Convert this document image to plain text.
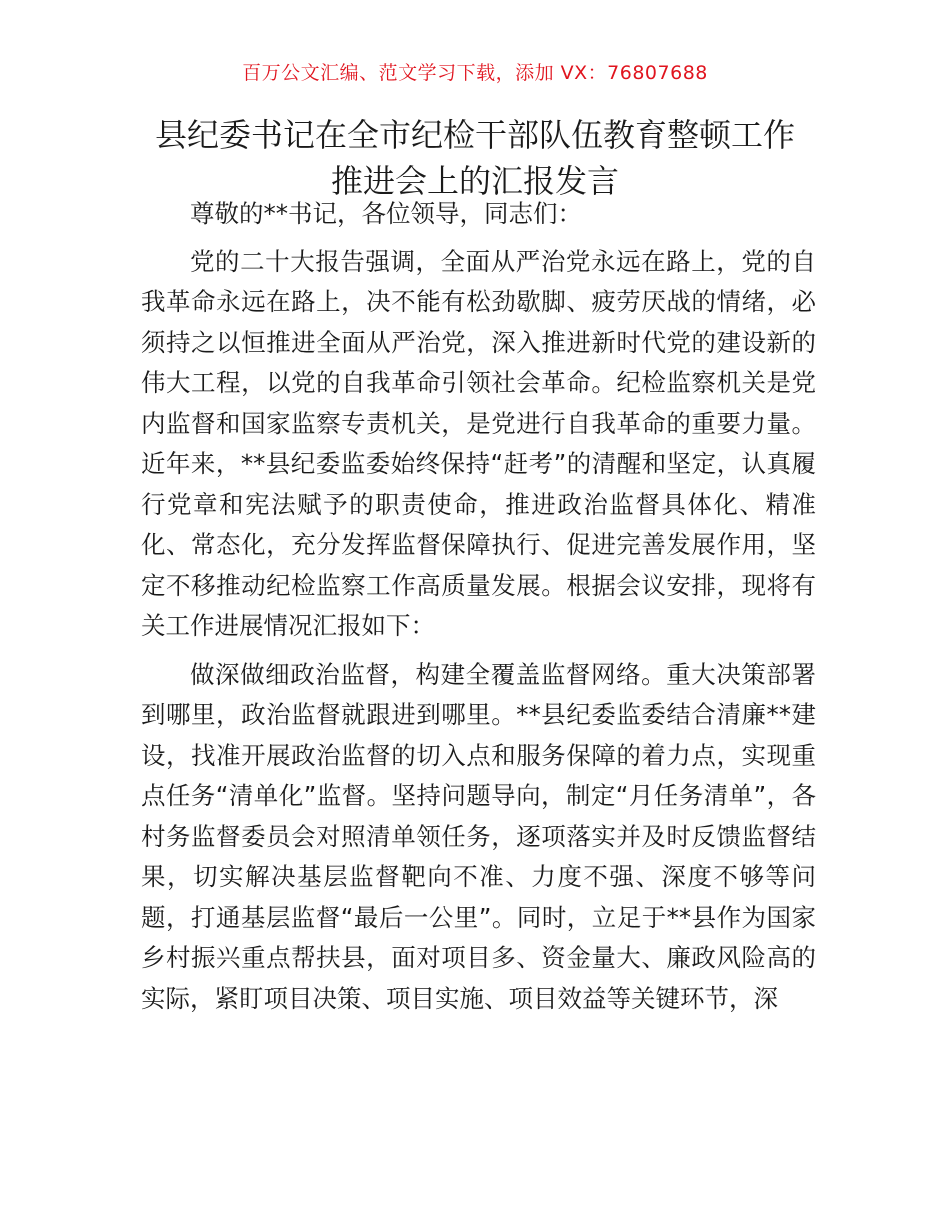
百万公文汇编、范文学习下载，添加 VX：76807688
县纪委书记在全市纪检干部队伍教育整顿工作
推进会上的汇报发言

尊敬的**书记，各位领导，同志们：

党的二十大报告强调，全面从严治党永远在路上，党的自我革命永远在路上，决不能有松劲歇脚、疲劳厌战的情绪，必须持之以恒推进全面从严治党，深入推进新时代党的建设新的伟大工程，以党的自我革命引领社会革命。纪检监察机关是党内监督和国家监察专责机关，是党进行自我革命的重要力量。近年来，**县纪委监委始终保持“赶考”的清醒和坚定，认真履行党章和宪法赋予的职责使命，推进政治监督具体化、精准化、常态化，充分发挥监督保障执行、促进完善发展作用，坚定不移推动纪检监察工作高质量发展。根据会议安排，现将有关工作进展情况汇报如下：

做深做细政治监督，构建全覆盖监督网络。重大决策部署到哪里，政治监督就跟进到哪里。**县纪委监委结合清廉**建设，找准开展政治监督的切入点和服务保障的着力点，实现重点任务“清单化”监督。坚持问题导向，制定“月任务清单”，各村务监督委员会对照清单领任务，逐项落实并及时反馈监督结果，切实解决基层监督靶向不准、力度不强、深度不够等问题，打通基层监督“最后一公里”。同时，立足于**县作为国家乡村振兴重点帮扶县，面对项目多、资金量大、廉政风险高的实际，紧盯项目决策、项目实施、项目效益等关键环节，深
